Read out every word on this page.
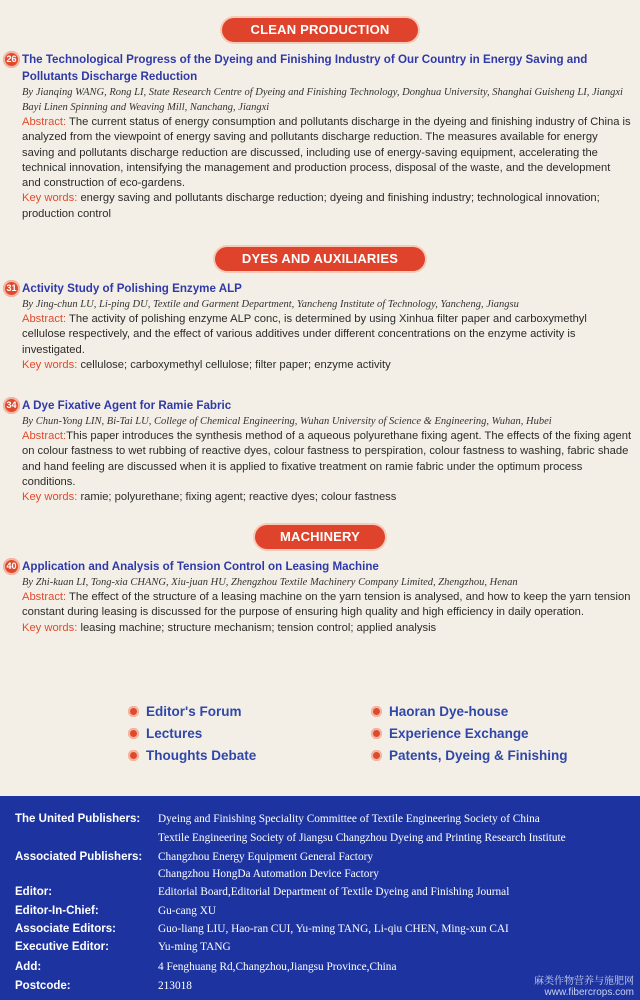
CLEAN PRODUCTION
DYES AND AUXILIARIES
MACHINERY
26 The Technological Progress of the Dyeing and Finishing Industry of Our Country in Energy Saving and Pollutants Discharge Reduction
By Jianqing WANG, Rong LI, State Research Centre of Dyeing and Finishing Technology, Donghua University, Shanghai Guisheng LI, Jiangxi Bayi Linen Spinning and Weaving Mill, Nanchang, Jiangxi
Abstract: The current status of energy consumption and pollutants discharge in the dyeing and finishing industry of China is analyzed from the viewpoint of energy saving and pollutants discharge reduction. The measures available for energy saving and pollutants discharge reduction are discussed, including use of energy-saving equipment, accelerating the technical innovation, intensifying the management and production process, disposal of the waste, and the development and construction of eco-gardens.
Key words: energy saving and pollutants discharge reduction; dyeing and finishing industry; technological innovation; production control
31 Activity Study of Polishing Enzyme ALP
By Jing-chun LU, Li-ping DU, Textile and Garment Department, Yancheng Institute of Technology, Yancheng, Jiangsu
Abstract: The activity of polishing enzyme ALP conc, is determined by using Xinhua filter paper and carboxymethyl cellulose respectively, and the effect of various additives under different concentrations on the enzyme activity is investigated.
Key words: cellulose; carboxymethyl cellulose; filter paper; enzyme activity
34 A Dye Fixative Agent for Ramie Fabric
By Chun-Yong LIN, Bi-Tai LU, College of Chemical Engineering, Wuhan University of Science & Engineering, Wuhan, Hubei
Abstract:This paper introduces the synthesis method of a aqueous polyurethane fixing agent. The effects of the fixing agent on colour fastness to wet rubbing of reactive dyes, colour fastness to perspiration, colour fastness to washing, fabric shade and hand feeling are discussed when it is applied to fixative treatment on ramie fabric under the optimum process conditions.
Key words: ramie; polyurethane; fixing agent; reactive dyes; colour fastness
40 Application and Analysis of Tension Control on Leasing Machine
By Zhi-kuan LI, Tong-xia CHANG, Xiu-juan HU, Zhengzhou Textile Machinery Company Limited, Zhengzhou, Henan
Abstract: The effect of the structure of a leasing machine on the yarn tension is analysed, and how to keep the yarn tension constant during leasing is discussed for the purpose of ensuring high quality and high efficiency in daily operation.
Key words: leasing machine; structure mechanism; tension control; applied analysis
Editor's Forum
Lectures
Thoughts Debate
Haoran Dye-house
Experience Exchange
Patents, Dyeing & Finishing
The United Publishers: Dyeing and Finishing Speciality Committee of Textile Engineering Society of China
Textile Engineering Society of Jiangsu Changzhou Dyeing and Printing Research Institute
Associated Publishers: Changzhou Energy Equipment General Factory
Changzhou HongDa Automation Device Factory
Editor:	Editorial Board,Editorial Department of Textile Dyeing and Finishing Journal
Editor-In-Chief:	Gu-cang XU
Associate Editors:	Guo-liang LIU, Hao-ran CUI, Yu-ming TANG, Li-qiu CHEN, Ming-xun CAI
Executive Editor:	Yu-ming TANG
Add:	4 Fenghuang Rd,Changzhou,Jiangsu Province,China
Postcode:	213018	麻类作物营养与施肥网
www.fibercrops.com
